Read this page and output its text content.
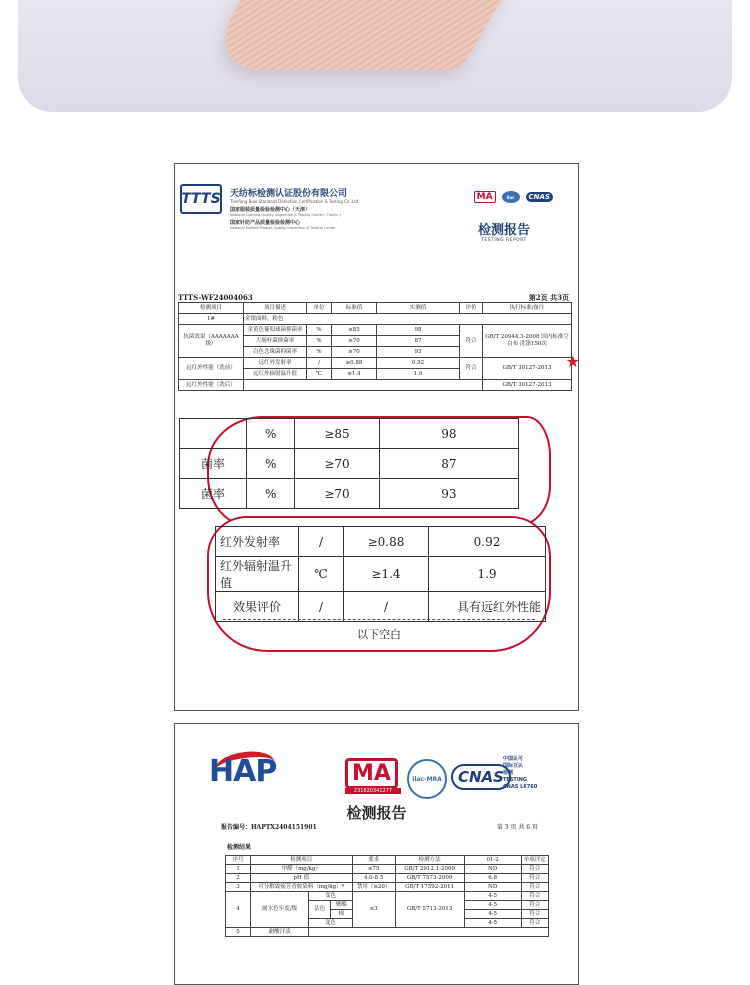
TTTS 天纺标检测认证股份有限公司
Tianfang Biao Standard Detection Certification & Testing Co.,Ltd.
国家服装质量检验检测中心（天津）
National Clothing Quality Inspection & Testing Center ( Tianjin )
国家针纺产品质量检验检测中心
National Knitted Product Quality Inspection & Testing Center
MA	ilac	CNAS
检测报告
TESTING REPORT
TTTS-WF24004063	第2页 共3页
检测项目	项目描述	单位	标准值	实测值	评价	执行标准/备注
1#	金银面料，粉色					
抗菌效果（AAAAAAA级）	金黄色葡萄球菌抑菌率	%	≥85	98	符合	GB/T 20944.3-2008 国内标准空白布 洗涤150次
	大肠杆菌抑菌率	%	≥70	87		
	白色念珠菌抑菌率	%	≥70	93		
远红外性能（洗前）	远红外发射率	/	≥0.88	0.92	符合	GB/T 30127-2013
	远红外辐射温升值	℃	≥1.4	1.9		
远红外性能（洗后）						GB/T 30127-2013
★
	%	≥85	98
菌率	%	≥70	87
菌率	%	≥70	93
红外发射率	/	≥0.88	0.92
红外辐射温升值	℃	≥1.4	1.9
效果评价	/	/	具有远红外性能
以下空白
HAP	MA
231820341277
ilac-MRA	CNAS
中国认可
国际互认
检测
TESTING
CNAS L6760
检测报告
报告编号：HAPTX2404151901	第 3 页 共 6 页
检测结果
序号	检测项目			要求	检测方法	01-2	单项评定
1	甲醛（mg/kg）			≤75	GB/T 2912.1-2009	ND	符合
2	pH 值			4.0-8.5	GB/T 7573-2009	6.8	符合
3	可分解致癌芳香胺染料（mg/kg）*			禁用（≤20）	GB/T 17592-2011	ND	符合
4	耐水色牢度/级	变色		≥3	GB/T 5713-2013	4-5	符合
		沾色	聚酯			4-5	符合
			棉			4-5	符合
		变色				4-5	符合
5	耐酸汗渍						
